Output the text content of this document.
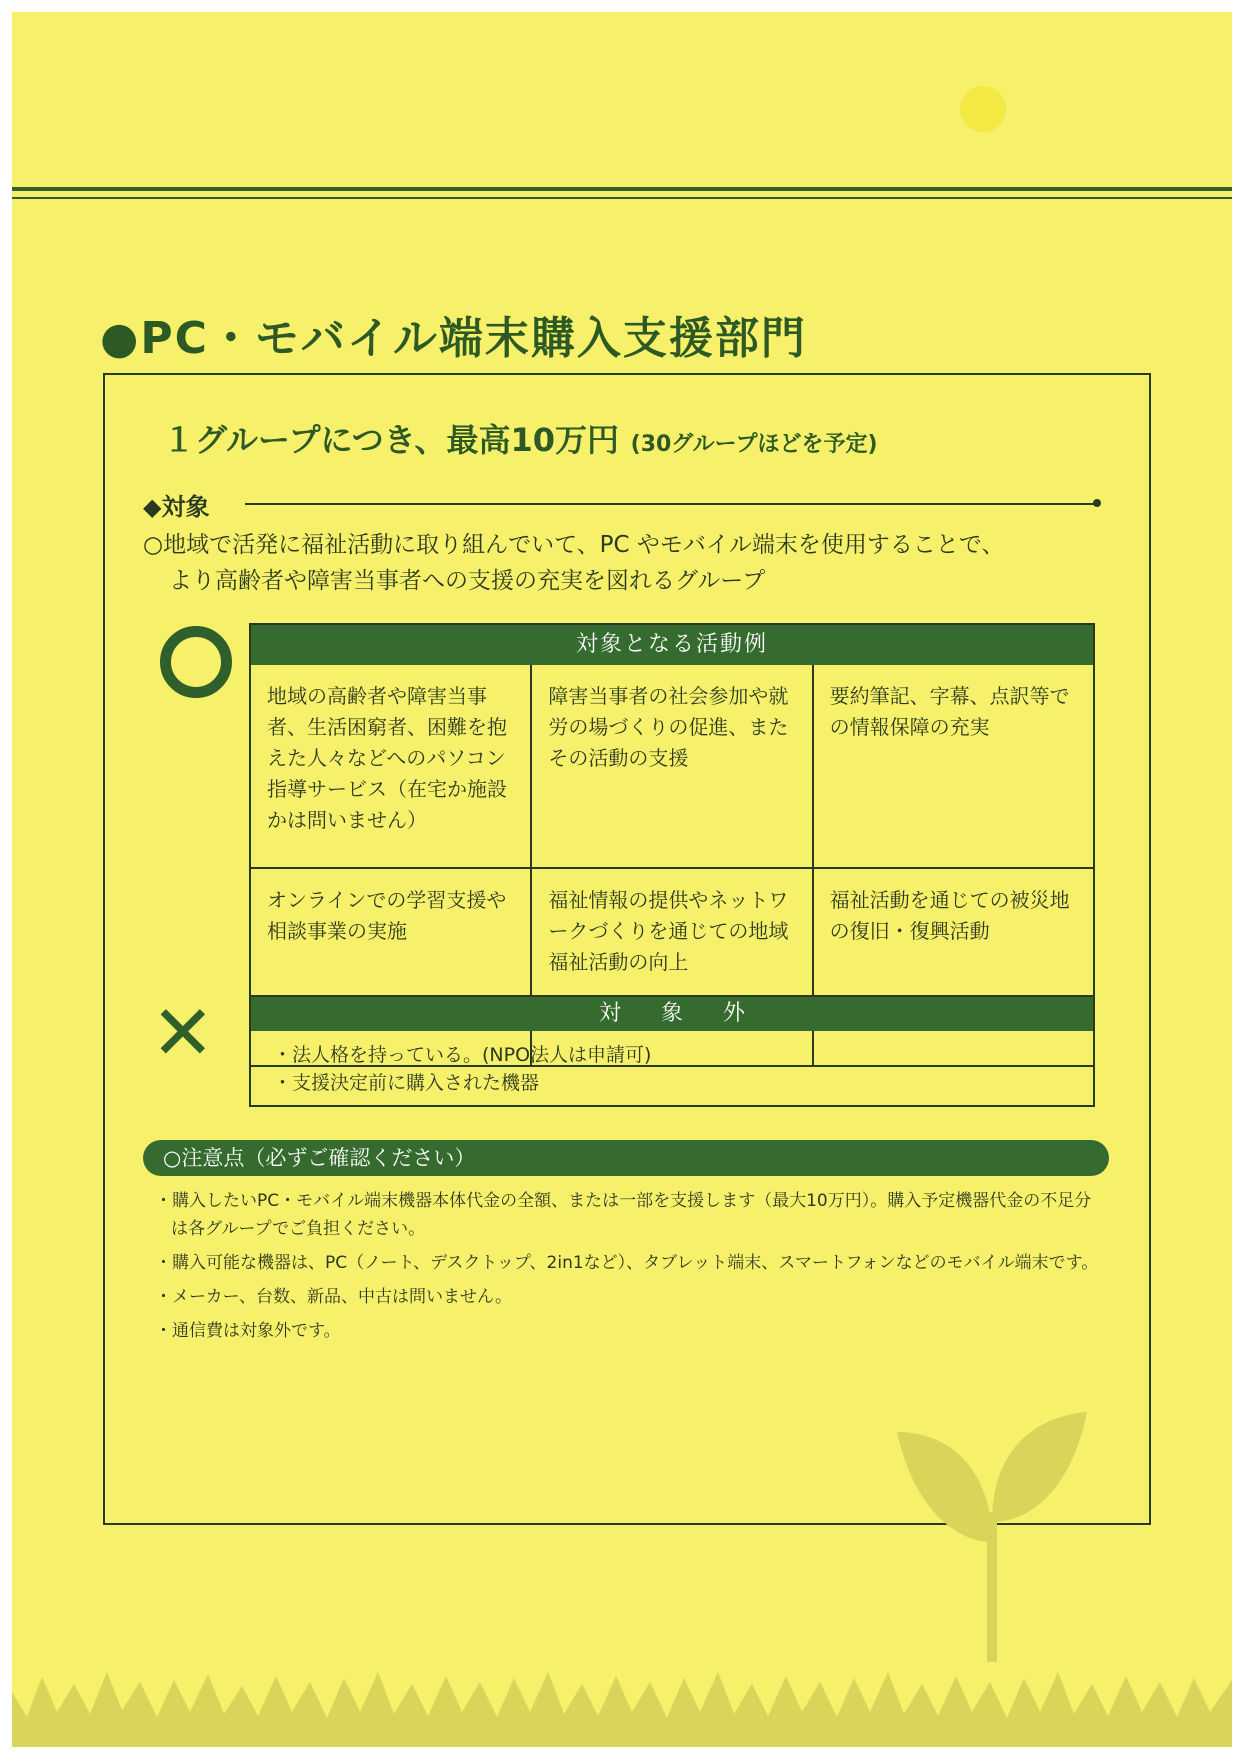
●PC・モバイル端末購入支援部門
１グループにつき、最高10万円 (30グループほどを予定)
◆対象
○地域で活発に福祉活動に取り組んでいて、PC やモバイル端末を使用することで、
より高齢者や障害当事者への支援の充実を図れるグループ
対象となる活動例
地域の高齢者や障害当事者、生活困窮者、困難を抱えた人々などへのパソコン指導サービス（在宅か施設かは問いません）
障害当事者の社会参加や就労の場づくりの促進、またその活動の支援
要約筆記、字幕、点訳等での情報保障の充実
オンラインでの学習支援や相談事業の実施
福祉情報の提供やネットワークづくりを通じての地域福祉活動の向上
福祉活動を通じての被災地の復旧・復興活動
✕	対象外
・法人格を持っている。(NPO法人は申請可)
・支援決定前に購入された機器
○注意点（必ずご確認ください）
・購入したいPC・モバイル端末機器本体代金の全額、または一部を支援します（最大10万円）。購入予定機器代金の不足分は各グループでご負担ください。
・購入可能な機器は、PC（ノート、デスクトップ、2in1など）、タブレット端末、スマートフォンなどのモバイル端末です。
・メーカー、台数、新品、中古は問いません。
・通信費は対象外です。
